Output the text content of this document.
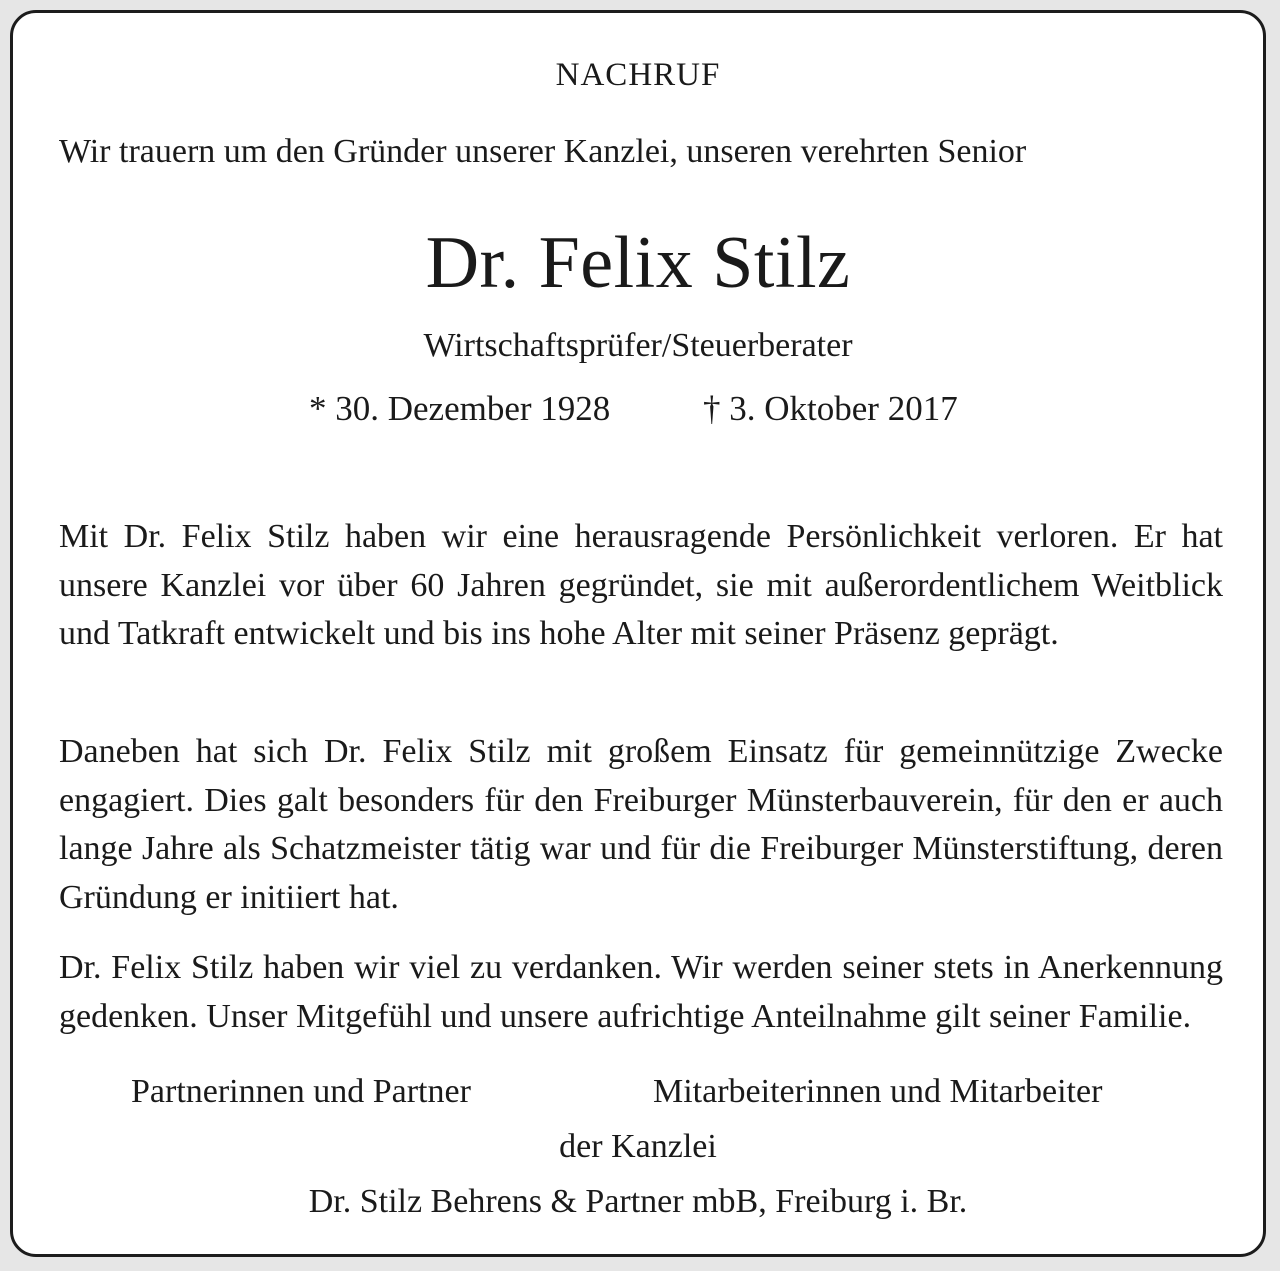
NACHRUF
Wir trauern um den Gründer unserer Kanzlei, unseren verehrten Senior
Dr. Felix Stilz
Wirtschaftsprüfer/Steuerberater
* 30. Dezember 1928	† 3. Oktober 2017

Mit Dr. Felix Stilz haben wir eine herausragende Persönlichkeit verloren. Er hat unsere Kanzlei vor über 60 Jahren gegründet, sie mit außerordentlichem Weitblick und Tatkraft entwickelt und bis ins hohe Alter mit seiner Präsenz geprägt.

Daneben hat sich Dr. Felix Stilz mit großem Einsatz für gemeinnützige Zwecke engagiert. Dies galt besonders für den Freiburger Münsterbauverein, für den er auch lange Jahre als Schatzmeister tätig war und für die Freiburger Münsterstiftung, deren Gründung er initiiert hat.

Dr. Felix Stilz haben wir viel zu verdanken. Wir werden seiner stets in Anerkennung gedenken. Unser Mitgefühl und unsere aufrichtige Anteilnahme gilt seiner Familie.

Partnerinnen und Partner	Mitarbeiterinnen und Mitarbeiter
der Kanzlei
Dr. Stilz Behrens & Partner mbB, Freiburg i. Br.
